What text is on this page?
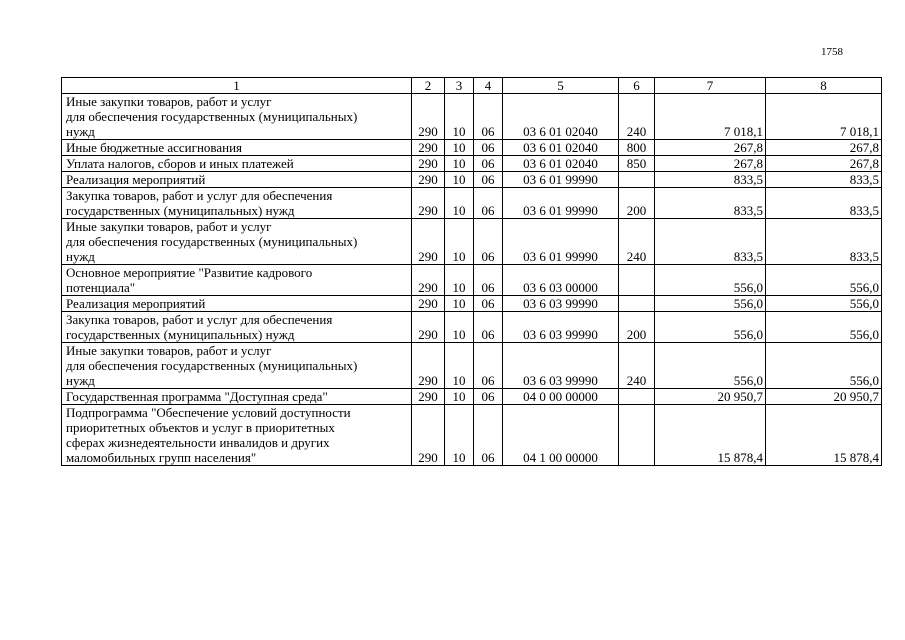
1758
1	2	3	4	5	6	7	8
Иные закупки товаров, работ и услуг
для обеспечения государственных (муниципальных)
нужд	290	10	06	03 6 01 02040	240	7 018,1	7 018,1
Иные бюджетные ассигнования	290	10	06	03 6 01 02040	800	267,8	267,8
Уплата налогов, сборов и иных платежей	290	10	06	03 6 01 02040	850	267,8	267,8
Реализация мероприятий	290	10	06	03 6 01 99990		833,5	833,5
Закупка товаров, работ и услуг для обеспечения
государственных (муниципальных) нужд	290	10	06	03 6 01 99990	200	833,5	833,5
Иные закупки товаров, работ и услуг
для обеспечения государственных (муниципальных)
нужд	290	10	06	03 6 01 99990	240	833,5	833,5
Основное мероприятие "Развитие кадрового
потенциала"	290	10	06	03 6 03 00000		556,0	556,0
Реализация мероприятий	290	10	06	03 6 03 99990		556,0	556,0
Закупка товаров, работ и услуг для обеспечения
государственных (муниципальных) нужд	290	10	06	03 6 03 99990	200	556,0	556,0
Иные закупки товаров, работ и услуг
для обеспечения государственных (муниципальных)
нужд	290	10	06	03 6 03 99990	240	556,0	556,0
Государственная программа "Доступная среда"	290	10	06	04 0 00 00000		20 950,7	20 950,7
Подпрограмма "Обеспечение условий доступности
приоритетных объектов и услуг в приоритетных
сферах жизнедеятельности инвалидов и других
маломобильных групп населения"	290	10	06	04 1 00 00000		15 878,4	15 878,4
